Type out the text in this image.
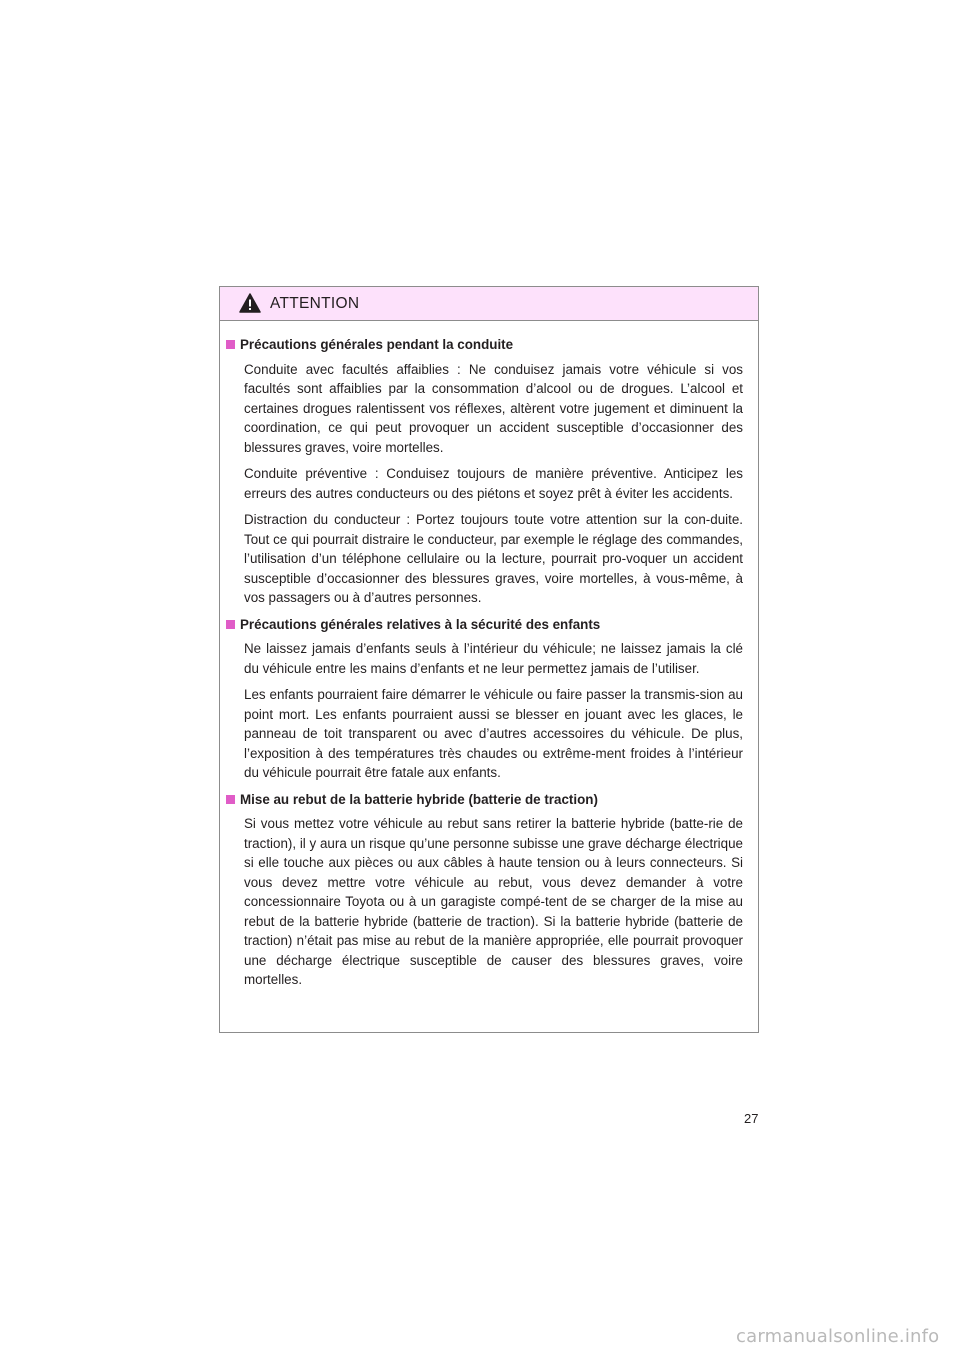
ATTENTION
Précautions générales pendant la conduite

Conduite avec facultés affaiblies : Ne conduisez jamais votre véhicule si vos facultés sont affaiblies par la consommation d’alcool ou de drogues. L’alcool et certaines drogues ralentissent vos réflexes, altèrent votre jugement et diminuent la coordination, ce qui peut provoquer un accident susceptible d’occasionner des blessures graves, voire mortelles.

Conduite préventive : Conduisez toujours de manière préventive. Anticipez les erreurs des autres conducteurs ou des piétons et soyez prêt à éviter les accidents.

Distraction du conducteur : Portez toujours toute votre attention sur la con-duite. Tout ce qui pourrait distraire le conducteur, par exemple le réglage des commandes, l’utilisation d’un téléphone cellulaire ou la lecture, pourrait pro-voquer un accident susceptible d’occasionner des blessures graves, voire mortelles, à vous-même, à vos passagers ou à d’autres personnes.

Précautions générales relatives à la sécurité des enfants

Ne laissez jamais d’enfants seuls à l’intérieur du véhicule; ne laissez jamais la clé du véhicule entre les mains d’enfants et ne leur permettez jamais de l’utiliser.

Les enfants pourraient faire démarrer le véhicule ou faire passer la transmis-sion au point mort. Les enfants pourraient aussi se blesser en jouant avec les glaces, le panneau de toit transparent ou avec d’autres accessoires du véhicule. De plus, l’exposition à des températures très chaudes ou extrême-ment froides à l’intérieur du véhicule pourrait être fatale aux enfants.

Mise au rebut de la batterie hybride (batterie de traction)

Si vous mettez votre véhicule au rebut sans retirer la batterie hybride (batte-rie de traction), il y aura un risque qu’une personne subisse une grave décharge électrique si elle touche aux pièces ou aux câbles à haute tension ou à leurs connecteurs. Si vous devez mettre votre véhicule au rebut, vous devez demander à votre concessionnaire Toyota ou à un garagiste compé-tent de se charger de la mise au rebut de la batterie hybride (batterie de traction). Si la batterie hybride (batterie de traction) n’était pas mise au rebut de la manière appropriée, elle pourrait provoquer une décharge électrique susceptible de causer des blessures graves, voire mortelles.

27
carmanualsonline.info
